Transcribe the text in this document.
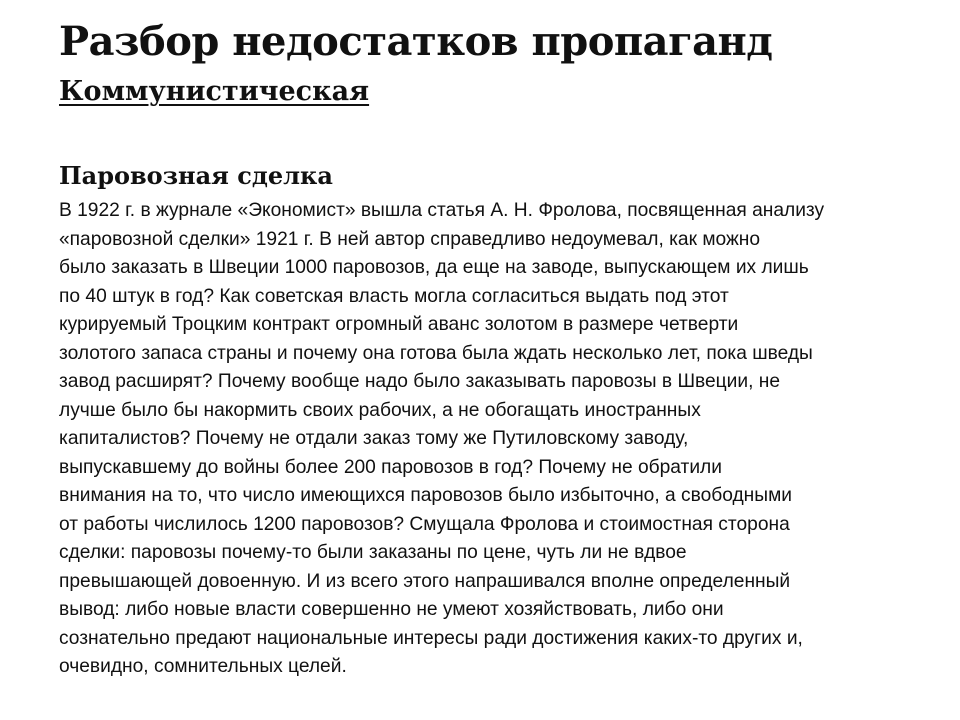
Разбор недостатков пропаганд
Коммунистическая
Паровозная сделка
В 1922 г. в журнале «Экономист» вышла статья А. Н. Фролова, посвященная анализу
«паровозной сделки» 1921 г. В ней автор справедливо недоумевал, как можно
было заказать в Швеции 1000 паровозов, да еще на заводе, выпускающем их лишь
по 40 штук в год? Как советская власть могла согласиться выдать под этот
курируемый Троцким контракт огромный аванс золотом в размере четверти
золотого запаса страны и почему она готова была ждать несколько лет, пока шведы
завод расширят? Почему вообще надо было заказывать паровозы в Швеции, не
лучше было бы накормить своих рабочих, а не обогащать иностранных
капиталистов? Почему не отдали заказ тому же Путиловскому заводу,
выпускавшему до войны более 200 паровозов в год? Почему не обратили
внимания на то, что число имеющихся паровозов было избыточно, а свободными
от работы числилось 1200 паровозов? Смущала Фролова и стоимостная сторона
сделки: паровозы почему-то были заказаны по цене, чуть ли не вдвое
превышающей довоенную. И из всего этого напрашивался вполне определенный
вывод: либо новые власти совершенно не умеют хозяйствовать, либо они
сознательно предают национальные интересы ради достижения каких-то других и,
очевидно, сомнительных целей.
